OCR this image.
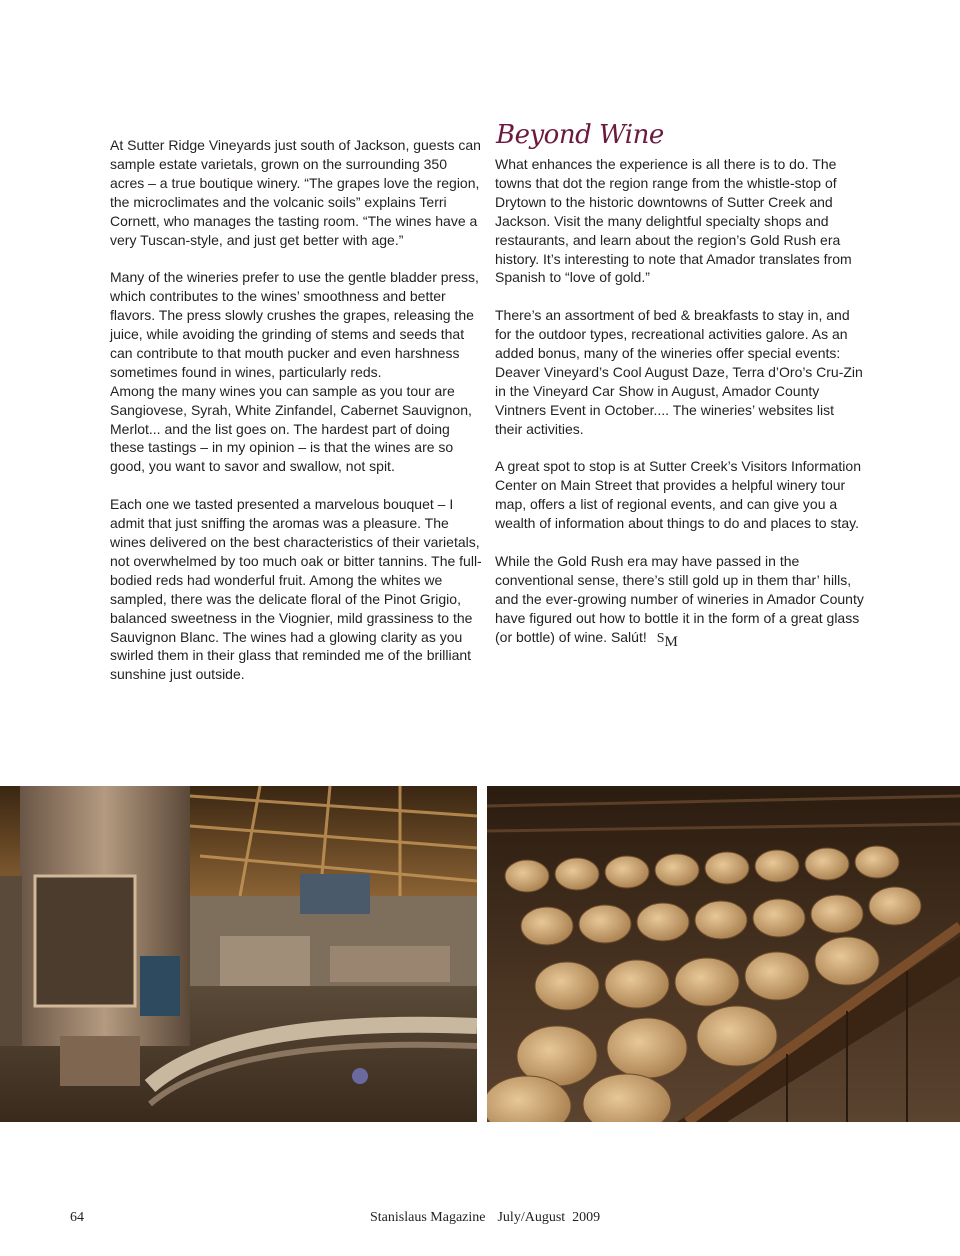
At Sutter Ridge Vineyards just south of Jackson, guests can sample estate varietals, grown on the surrounding 350 acres – a true boutique winery. “The grapes love the region, the microclimates and the volcanic soils” explains Terri Cornett, who manages the tasting room. “The wines have a very Tuscan-style, and just get better with age.”

Many of the wineries prefer to use the gentle bladder press, which contributes to the wines’ smoothness and better flavors. The press slowly crushes the grapes, releasing the juice, while avoiding the grinding of stems and seeds that can contribute to that mouth pucker and even harshness sometimes found in wines, particularly reds.

Among the many wines you can sample as you tour are Sangiovese, Syrah, White Zinfandel, Cabernet Sauvignon, Merlot... and the list goes on. The hardest part of doing these tastings – in my opinion – is that the wines are so good, you want to savor and swallow, not spit.

Each one we tasted presented a marvelous bouquet – I admit that just sniffing the aromas was a pleasure. The wines delivered on the best characteristics of their varietals, not overwhelmed by too much oak or bitter tannins. The full-bodied reds had wonderful fruit. Among the whites we sampled, there was the delicate floral of the Pinot Grigio, balanced sweetness in the Viognier, mild grassiness to the Sauvignon Blanc. The wines had a glowing clarity as you swirled them in their glass that reminded me of the brilliant sunshine just outside.

Beyond Wine

What enhances the experience is all there is to do. The towns that dot the region range from the whistle-stop of Drytown to the historic downtowns of Sutter Creek and Jackson. Visit the many delightful specialty shops and restaurants, and learn about the region’s Gold Rush era history. It’s interesting to note that Amador translates from Spanish to “love of gold.”

There’s an assortment of bed & breakfasts to stay in, and for the outdoor types, recreational activities galore. As an added bonus, many of the wineries offer special events: Deaver Vineyard’s Cool August Daze, Terra d’Oro’s Cru-Zin in the Vineyard Car Show in August, Amador County Vintners Event in October.... The wineries’ websites list their activities.

A great spot to stop is at Sutter Creek’s Visitors Information Center on Main Street that provides a helpful winery tour map, offers a list of regional events, and can give you a wealth of information about things to do and places to stay.

While the Gold Rush era may have passed in the conventional sense, there’s still gold up in them thar’ hills, and the ever-growing number of wineries in Amador County have figured out how to bottle it in the form of a great glass (or bottle) of wine. Salút! SM

64	Stanislaus Magazine July/August  2009
